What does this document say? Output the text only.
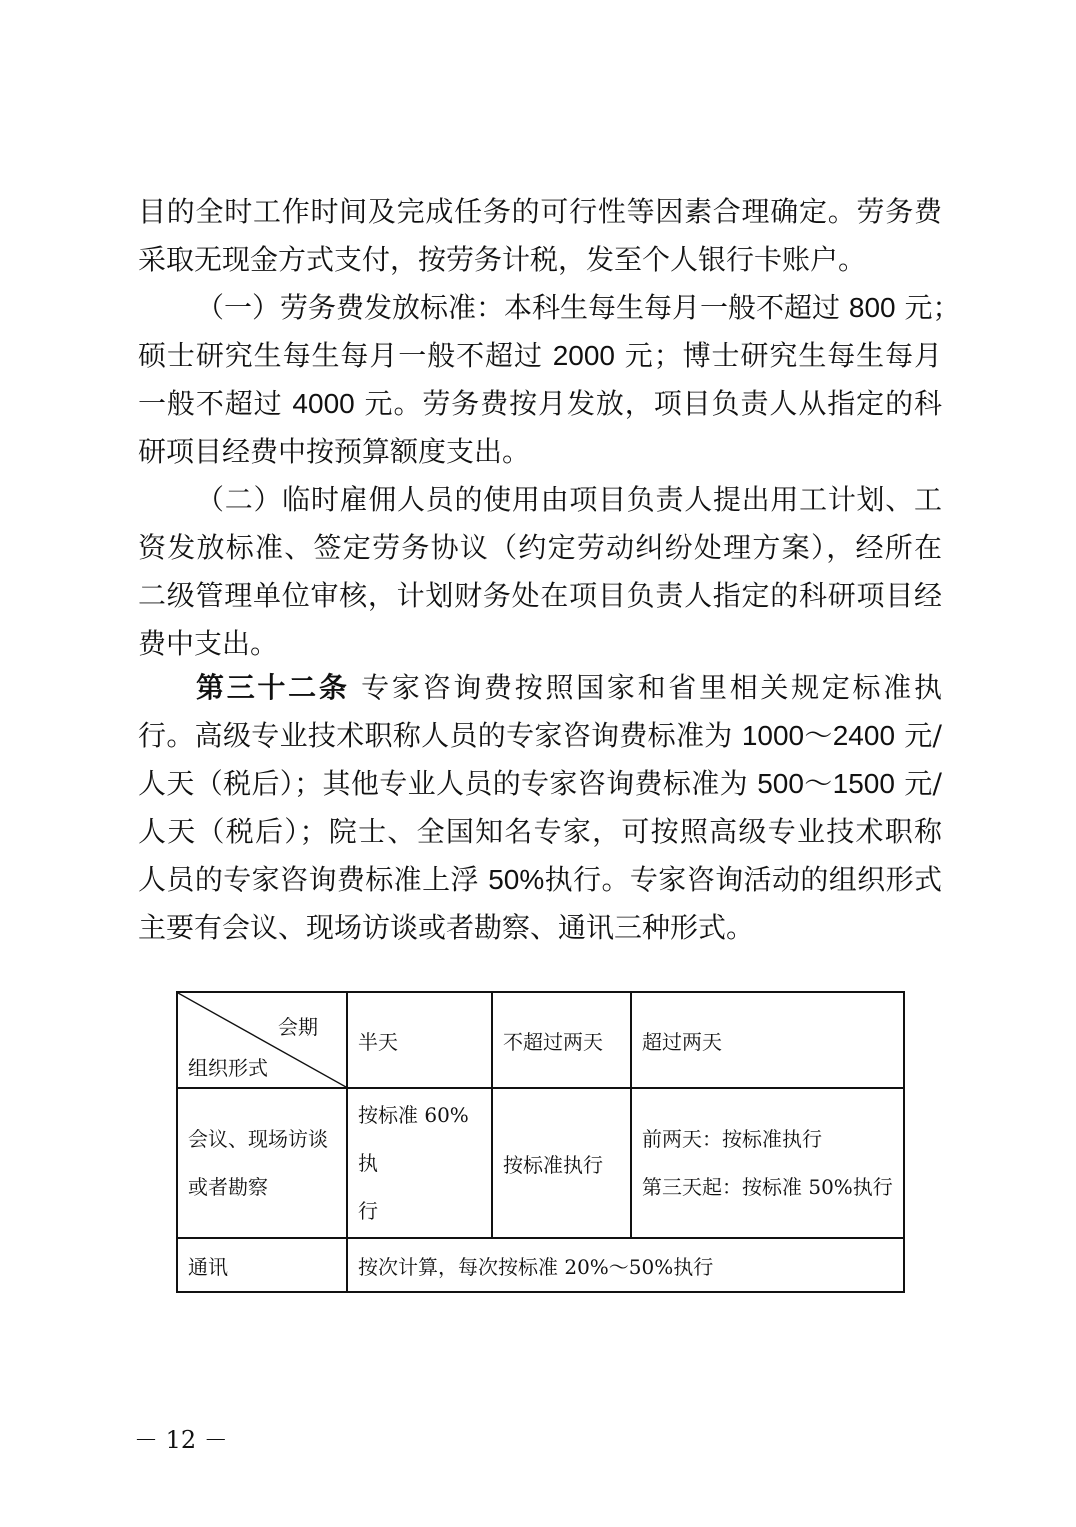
目的全时工作时间及完成任务的可行性等因素合理确定。劳务费
采取无现金方式支付，按劳务计税，发至个人银行卡账户。
（一）劳务费发放标准：本科生每生每月一般不超过 800 元；
硕士研究生每生每月一般不超过 2000 元；博士研究生每生每月
一般不超过 4000 元。劳务费按月发放，项目负责人从指定的科
研项目经费中按预算额度支出。
（二）临时雇佣人员的使用由项目负责人提出用工计划、工
资发放标准、签定劳务协议（约定劳动纠纷处理方案），经所在
二级管理单位审核，计划财务处在项目负责人指定的科研项目经
费中支出。
第三十二条 专家咨询费按照国家和省里相关规定标准执
行。高级专业技术职称人员的专家咨询费标准为 1000～2400 元/
人天（税后）；其他专业人员的专家咨询费标准为 500～1500 元/
人天（税后）；院士、全国知名专家，可按照高级专业技术职称
人员的专家咨询费标准上浮 50%执行。专家咨询活动的组织形式
主要有会议、现场访谈或者勘察、通讯三种形式。
会期
组织形式	半天	不超过两天	超过两天

会议、现场访谈
或者勘察	按标准 60%执
行	按标准执行	前两天：按标准执行
第三天起：按标准 50%执行

通讯	按次计算，每次按标准 20%～50%执行		
－ 12 －
